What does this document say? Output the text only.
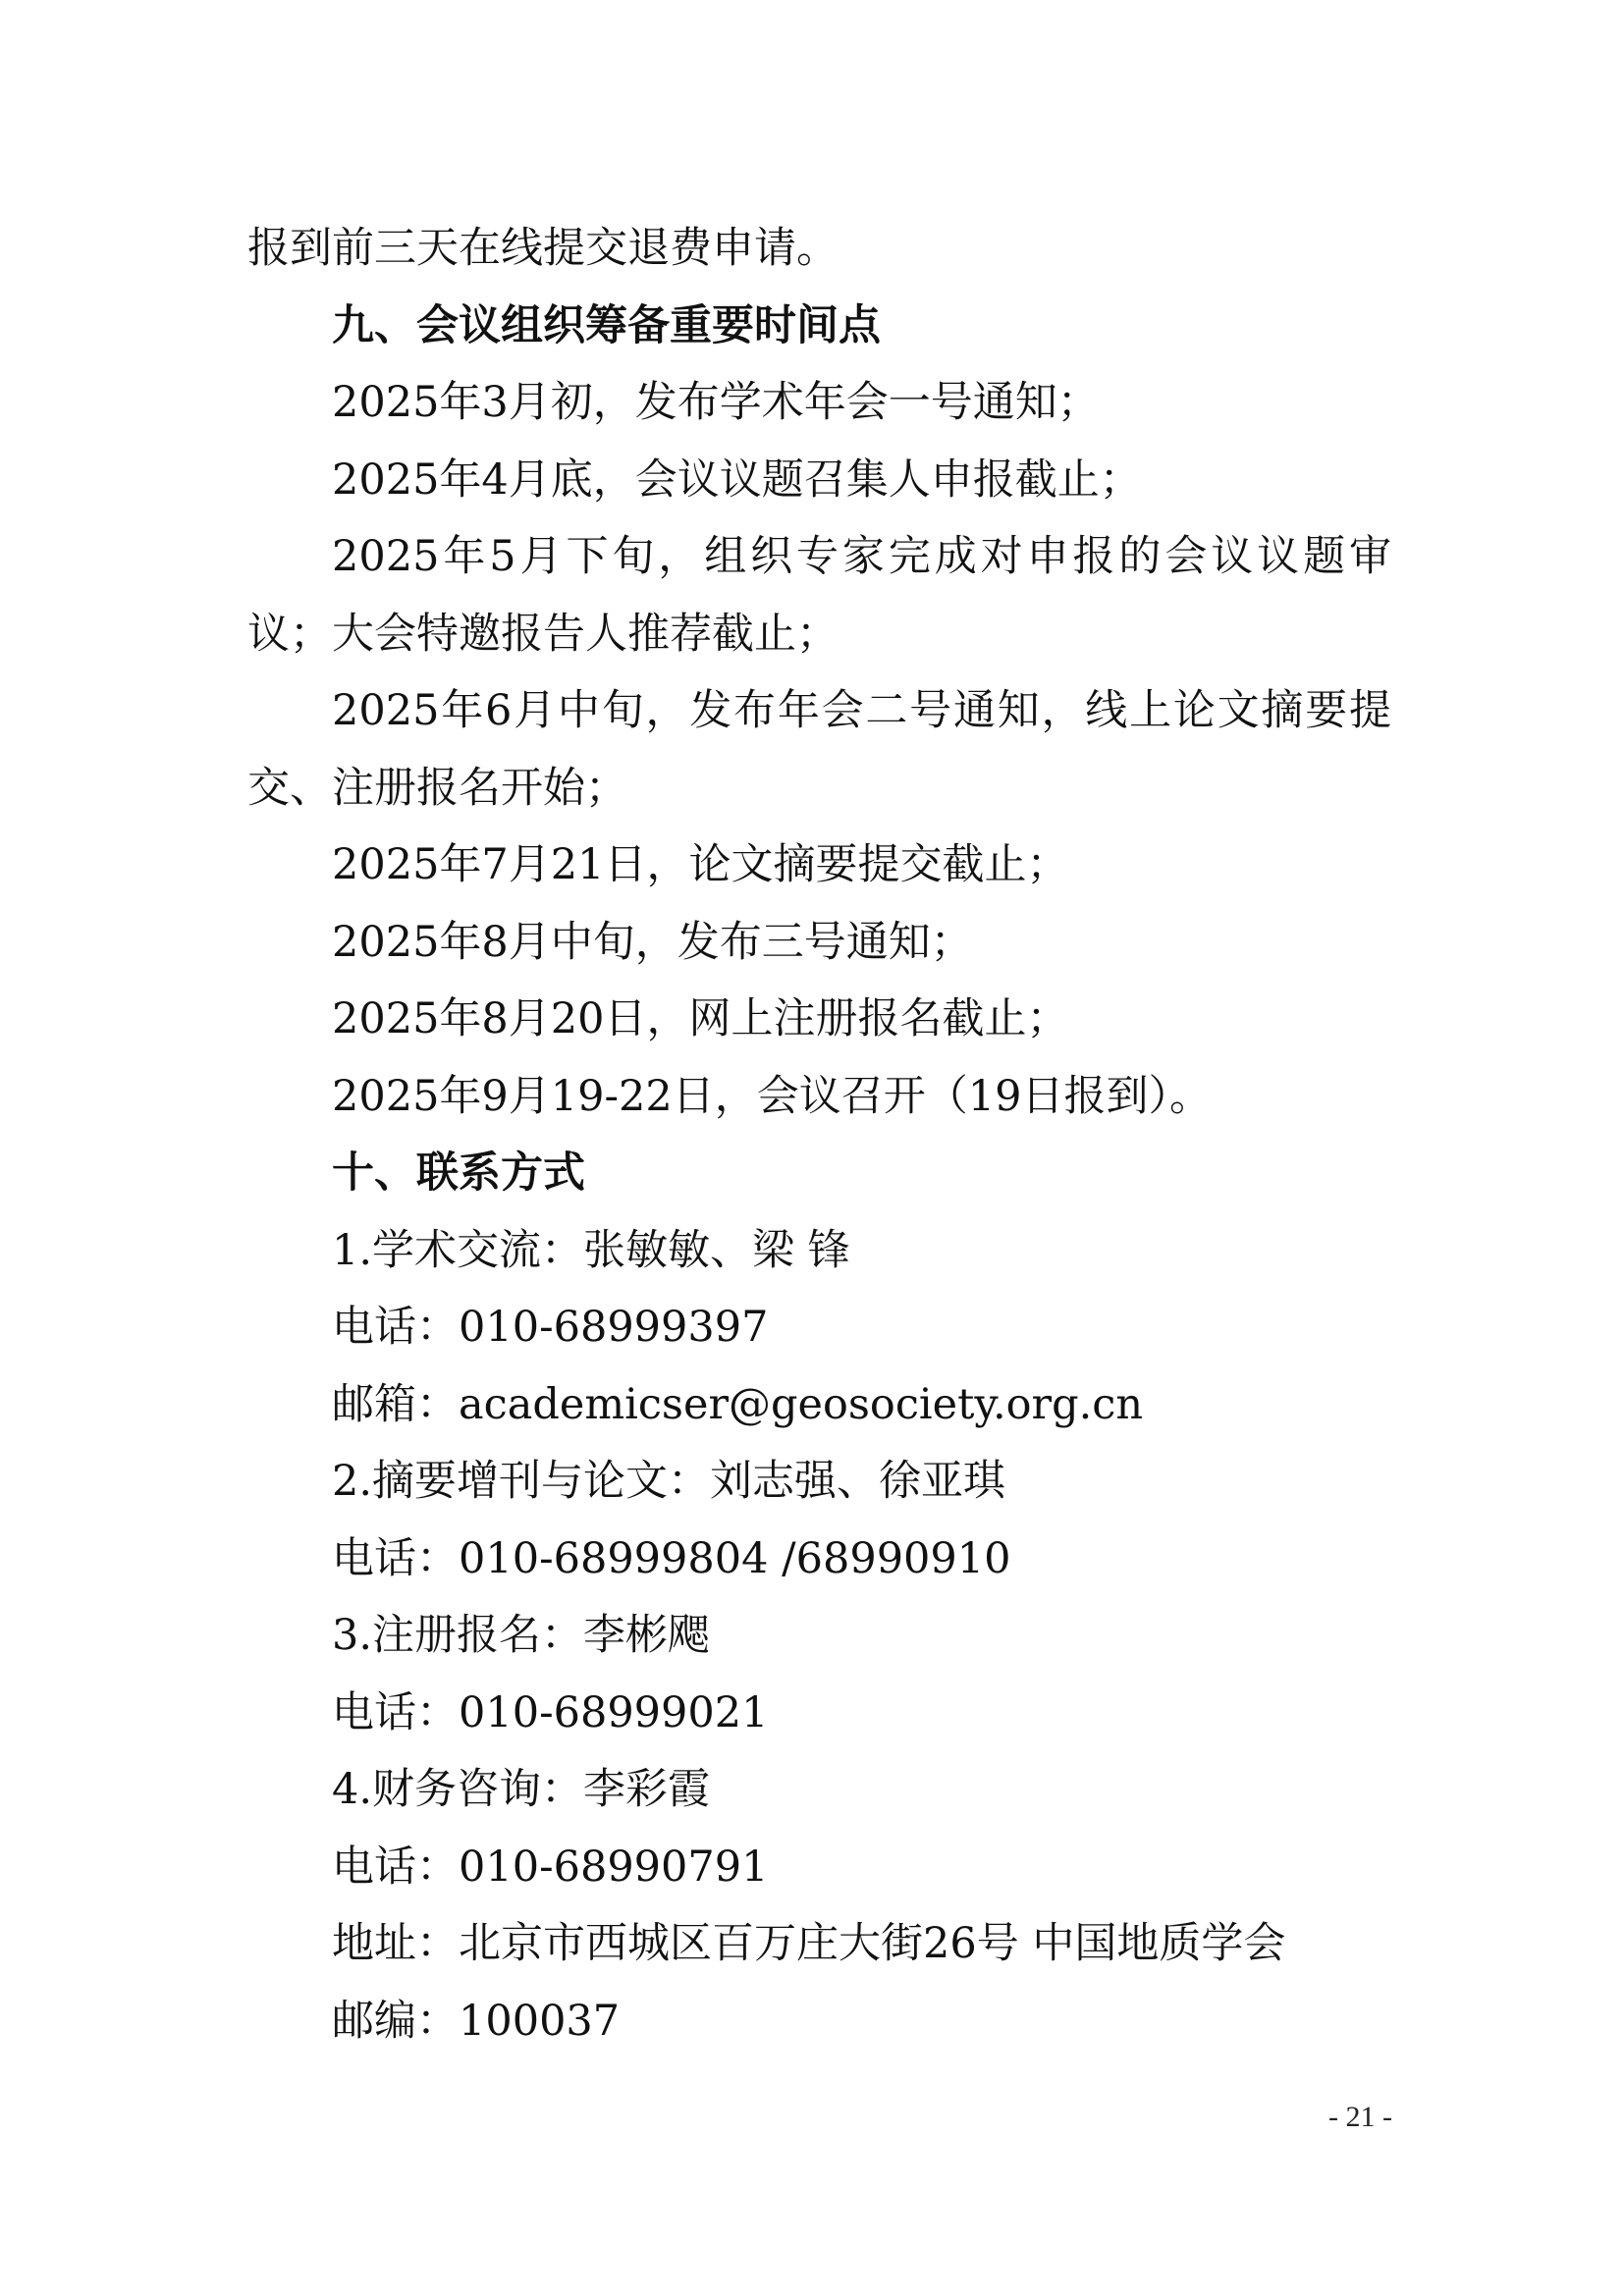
报到前三天在线提交退费申请。

九、会议组织筹备重要时间点

2025年3月初，发布学术年会一号通知；

2025年4月底，会议议题召集人申报截止；

2025年5月下旬，组织专家完成对申报的会议议题审议；大会特邀报告人推荐截止；

2025年6月中旬，发布年会二号通知，线上论文摘要提交、注册报名开始；

2025年7月21日，论文摘要提交截止；

2025年8月中旬，发布三号通知；

2025年8月20日，网上注册报名截止；

2025年9月19-22日，会议召开（19日报到）。

十、联系方式

1.学术交流：张敏敏、梁 锋

电话：010-68999397

邮箱：academicser@geosociety.org.cn

2.摘要增刊与论文：刘志强、徐亚琪

电话：010-68999804 /68990910

3.注册报名：李彬飔

电话：010-68999021

4.财务咨询：李彩霞

电话：010-68990791

地址：北京市西城区百万庄大街26号 中国地质学会

邮编：100037

- 21 -
